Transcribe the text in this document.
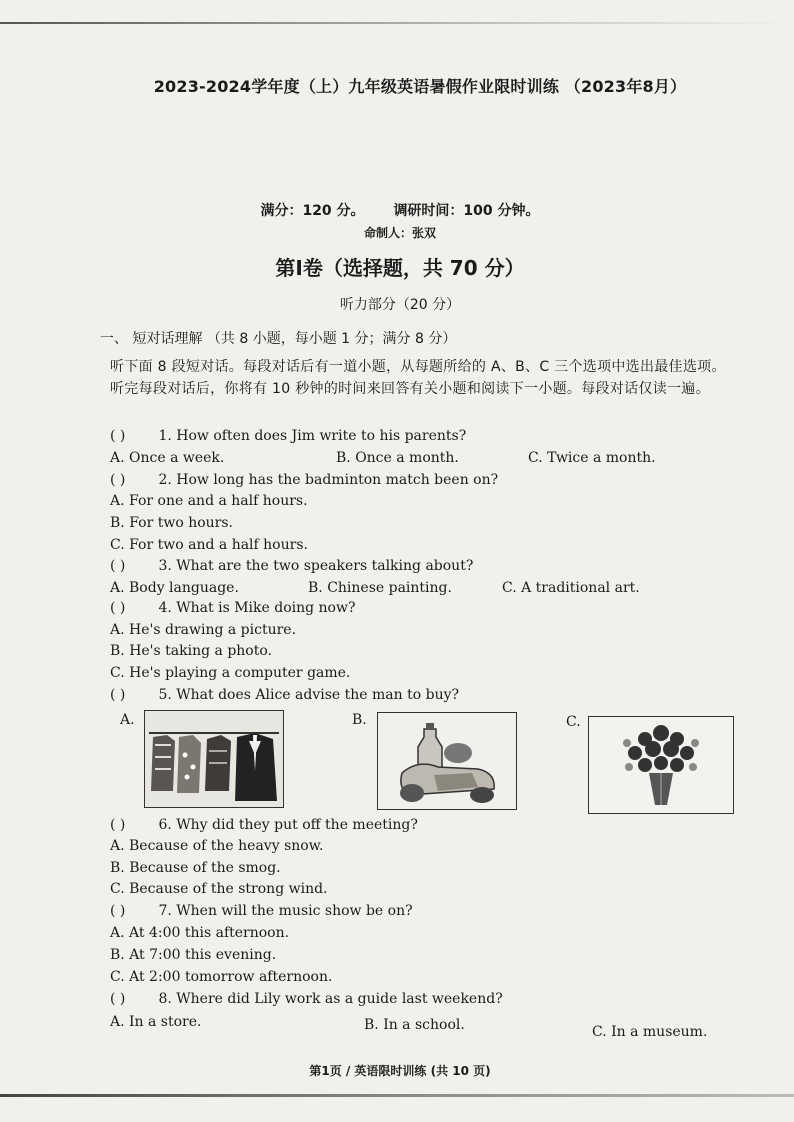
2023-2024学年度（上）九年级英语暑假作业限时训练 （2023年8月）
满分：120 分。 调研时间：100 分钟。
命制人：张双
第Ⅰ卷（选择题，共 70 分）
听力部分（20 分）
一、 短对话理解 （共 8 小题，每小题 1 分；满分 8 分）
听下面 8 段短对话。每段对话后有一道小题，从每题所给的 A、B、C 三个选项中选出最佳选项。听完每段对话后，你将有 10 秒钟的时间来回答有关小题和阅读下一小题。每段对话仅读一遍。
( ) 1. How often does Jim write to his parents?
A. Once a week.	B. Once a month.	C. Twice a month.
( ) 2. How long has the badminton match been on?
A. For one and a half hours.
B. For two hours.
C. For two and a half hours.
( ) 3. What are the two speakers talking about?
A. Body language.	B. Chinese painting.	C. A traditional art.
( ) 4. What is Mike doing now?
A. He's drawing a picture.
B. He's taking a photo.
C. He's playing a computer game.
( ) 5. What does Alice advise the man to buy?
A.	B.	C.
( ) 6. Why did they put off the meeting?
A. Because of the heavy snow.
B. Because of the smog.
C. Because of the strong wind.
( ) 7. When will the music show be on?
A. At 4:00 this afternoon.
B. At 7:00 this evening.
C. At 2:00 tomorrow afternoon.
( ) 8. Where did Lily work as a guide last weekend?
A. In a store.	B. In a school.	C. In a museum.
第1页 / 英语限时训练 (共 10 页)
